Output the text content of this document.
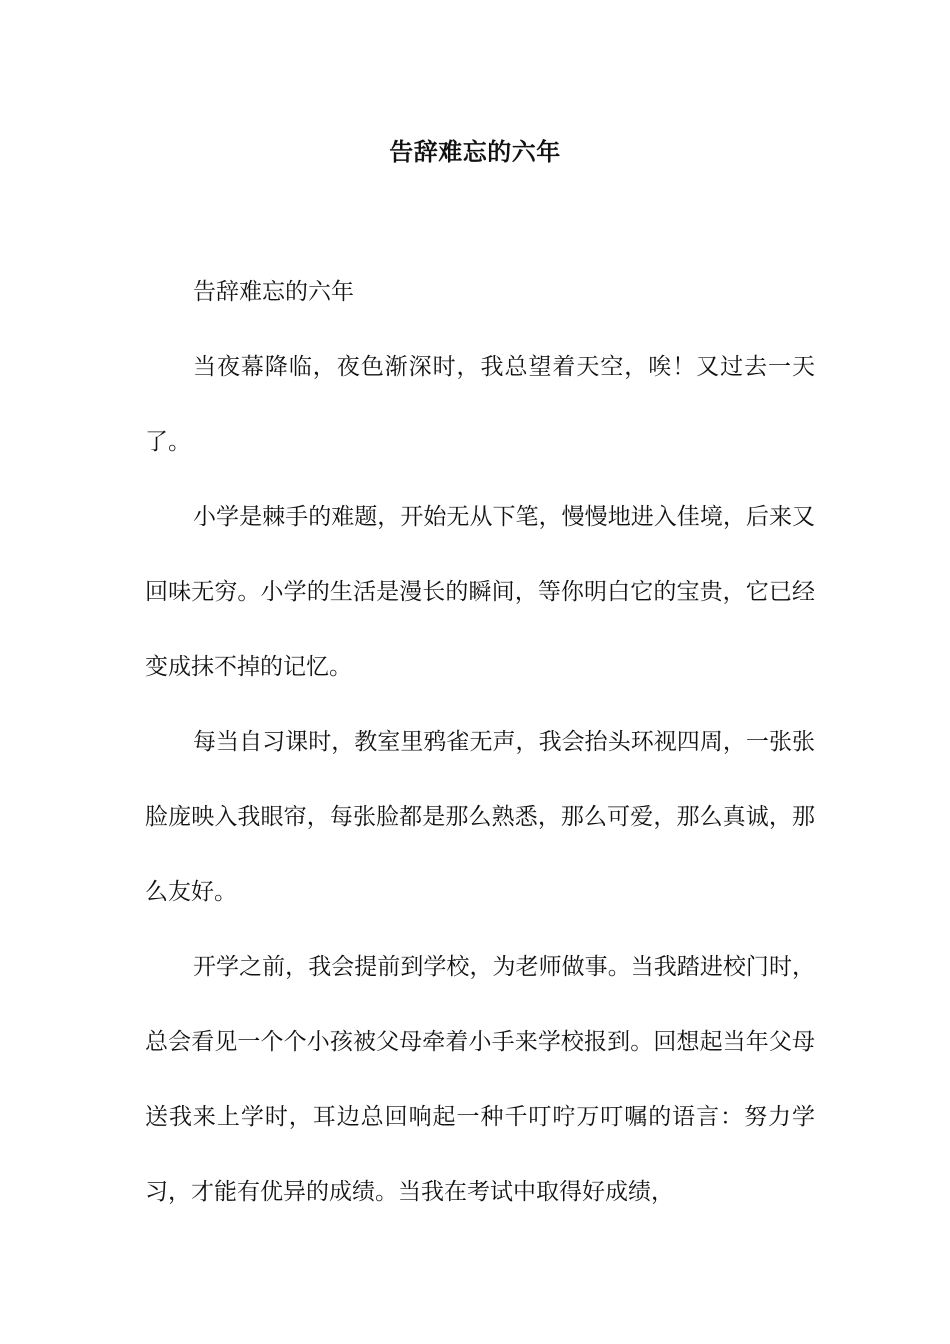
告辞难忘的六年

告辞难忘的六年

当夜幕降临，夜色渐深时，我总望着天空，唉！又过去一天了。

小学是棘手的难题，开始无从下笔，慢慢地进入佳境，后来又回味无穷。小学的生活是漫长的瞬间，等你明白它的宝贵，它已经变成抹不掉的记忆。

每当自习课时，教室里鸦雀无声，我会抬头环视四周，一张张脸庞映入我眼帘，每张脸都是那么熟悉，那么可爱，那么真诚，那么友好。

开学之前，我会提前到学校，为老师做事。当我踏进校门时，总会看见一个个小孩被父母牵着小手来学校报到。回想起当年父母送我来上学时，耳边总回响起一种千叮咛万叮嘱的语言：努力学习，才能有优异的成绩。当我在考试中取得好成绩，
